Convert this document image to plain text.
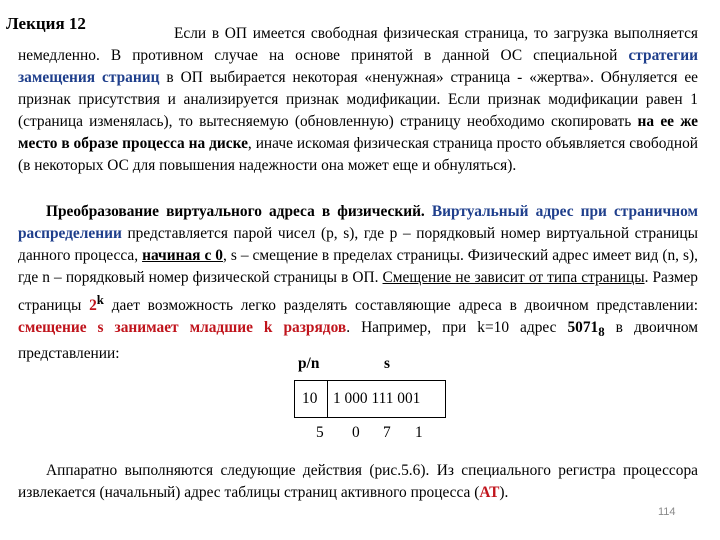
Лекция 12

Если в ОП имеется свободная физическая страница, то загрузка выполняется немедленно. В противном случае на основе принятой в данной ОС специальной стратегии замещения страниц в ОП выбирается некоторая «ненужная» страница - «жертва». Обнуляется ее признак присутствия и анализируется признак модификации. Если признак модификации равен 1 (страница изменялась), то вытесняемую (обновленную) страницу необходимо скопировать на ее же место в образе процесса на диске, иначе искомая физическая страница просто объявляется свободной (в некоторых ОС для повышения надежности она может еще и обнуляться).

Преобразование виртуального адреса в физический. Виртуальный адрес при страничном распределении представляется парой чисел (p, s), где p – порядковый номер виртуальной страницы данного процесса, начиная с 0, s – смещение в пределах страницы. Физический адрес имеет вид (n, s), где n – порядковый номер физической страницы в ОП. Смещение не зависит от типа страницы. Размер страницы 2$^k$ дает возможность легко разделять составляющие адреса в двоичном представлении: смещение s занимает младшие k разрядов. Например, при k=10 адрес $5071_8$ в двоичном представлении:

p/n	s
10 1 000 111 001
5 0 7 1

Аппаратно выполняются следующие действия (рис.5.6). Из специального регистра процессора извлекается (начальный) адрес таблицы страниц активного процесса (АТ).

114
